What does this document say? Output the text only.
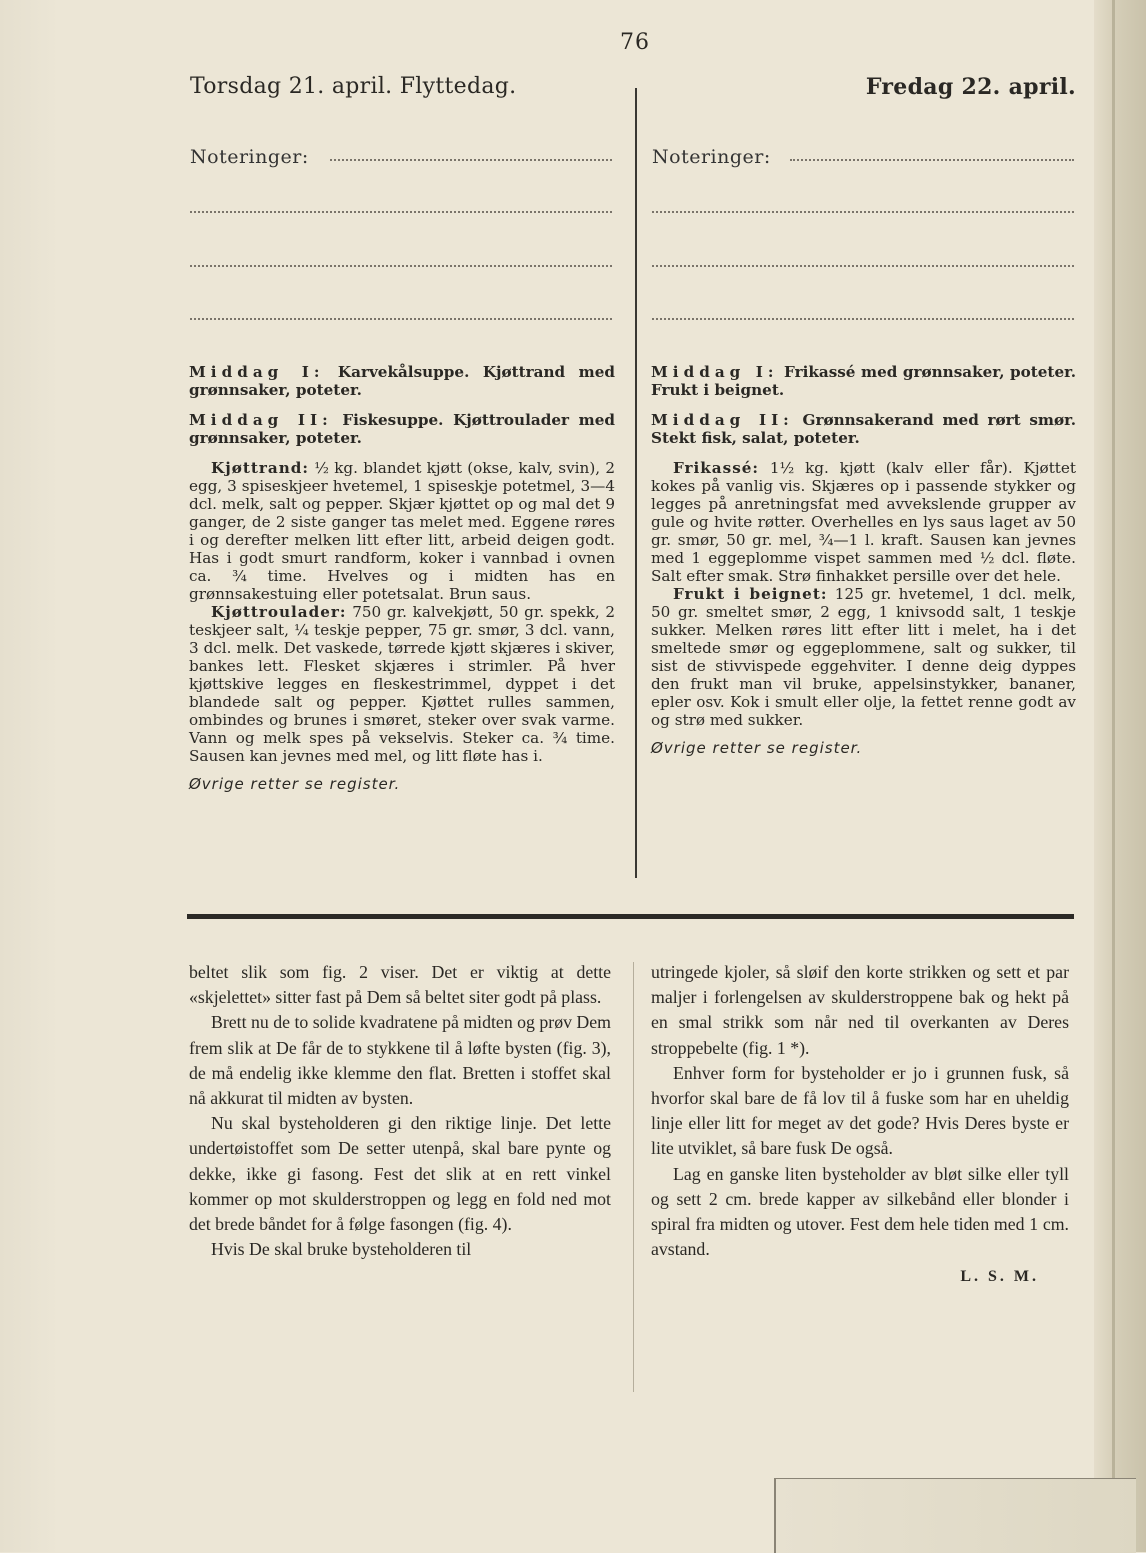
76
Torsdag 21. april. Flyttedag.	Fredag 22. april.
Noteringer:	Noteringer:

Middag I: Karvekålsuppe. Kjøttrand med grønnsaker, poteter.

Middag II: Fiskesuppe. Kjøttroulader med grønnsaker, poteter.

Kjøttrand: ½ kg. blandet kjøtt (okse, kalv, svin), 2 egg, 3 spiseskjeer hvetemel, 1 spiseskje potetmel, 3—4 dcl. melk, salt og pepper. Skjær kjøttet op og mal det 9 ganger, de 2 siste ganger tas melet med. Eggene røres i og derefter melken litt efter litt, arbeid deigen godt. Has i godt smurt randform, koker i vannbad i ovnen ca. ¾ time. Hvelves og i midten has en grønnsakestuing eller potetsalat. Brun saus.

Kjøttroulader: 750 gr. kalvekjøtt, 50 gr. spekk, 2 teskjeer salt, ¼ teskje pepper, 75 gr. smør, 3 dcl. vann, 3 dcl. melk. Det vaskede, tørrede kjøtt skjæres i skiver, bankes lett. Flesket skjæres i strimler. På hver kjøttskive legges en fleskestrimmel, dyppet i det blandede salt og pepper. Kjøttet rulles sammen, ombindes og brunes i smøret, steker over svak varme. Vann og melk spes på vekselvis. Steker ca. ¾ time. Sausen kan jevnes med mel, og litt fløte has i.

Øvrige retter se register.

Middag I: Frikassé med grønnsaker, poteter. Frukt i beignet.

Middag II: Grønnsakerand med rørt smør. Stekt fisk, salat, poteter.

Frikassé: 1½ kg. kjøtt (kalv eller får). Kjøttet kokes på vanlig vis. Skjæres op i passende stykker og legges på anretningsfat med avvekslende grupper av gule og hvite røtter. Overhelles en lys saus laget av 50 gr. smør, 50 gr. mel, ¾—1 l. kraft. Sausen kan jevnes med 1 eggeplomme vispet sammen med ½ dcl. fløte. Salt efter smak. Strø finhakket persille over det hele.

Frukt i beignet: 125 gr. hvetemel, 1 dcl. melk, 50 gr. smeltet smør, 2 egg, 1 knivsodd salt, 1 teskje sukker. Melken røres litt efter litt i melet, ha i det smeltede smør og eggeplommene, salt og sukker, til sist de stivvispede eggehviter. I denne deig dyppes den frukt man vil bruke, appelsinstykker, bananer, epler osv. Kok i smult eller olje, la fettet renne godt av og strø med sukker.

Øvrige retter se register.

beltet slik som fig. 2 viser. Det er viktig at dette «skjelettet» sitter fast på Dem så beltet siter godt på plass.

Brett nu de to solide kvadratene på midten og prøv Dem frem slik at De får de to stykkene til å løfte bysten (fig. 3), de må endelig ikke klemme den flat. Bretten i stoffet skal nå akkurat til midten av bysten.

Nu skal bysteholderen gi den riktige linje. Det lette undertøistoffet som De setter utenpå, skal bare pynte og dekke, ikke gi fasong. Fest det slik at en rett vinkel kommer op mot skulderstroppen og legg en fold ned mot det brede båndet for å følge fasongen (fig. 4).

Hvis De skal bruke bysteholderen til

utringede kjoler, så sløif den korte strikken og sett et par maljer i forlengelsen av skulderstroppene bak og hekt på en smal strikk som når ned til overkanten av Deres stroppebelte (fig. 1 *).

Enhver form for bysteholder er jo i grunnen fusk, så hvorfor skal bare de få lov til å fuske som har en uheldig linje eller litt for meget av det gode? Hvis Deres byste er lite utviklet, så bare fusk De også.

Lag en ganske liten bysteholder av bløt silke eller tyll og sett 2 cm. brede kapper av silkebånd eller blonder i spiral fra midten og utover. Fest dem hele tiden med 1 cm. avstand.

L. S. M.
